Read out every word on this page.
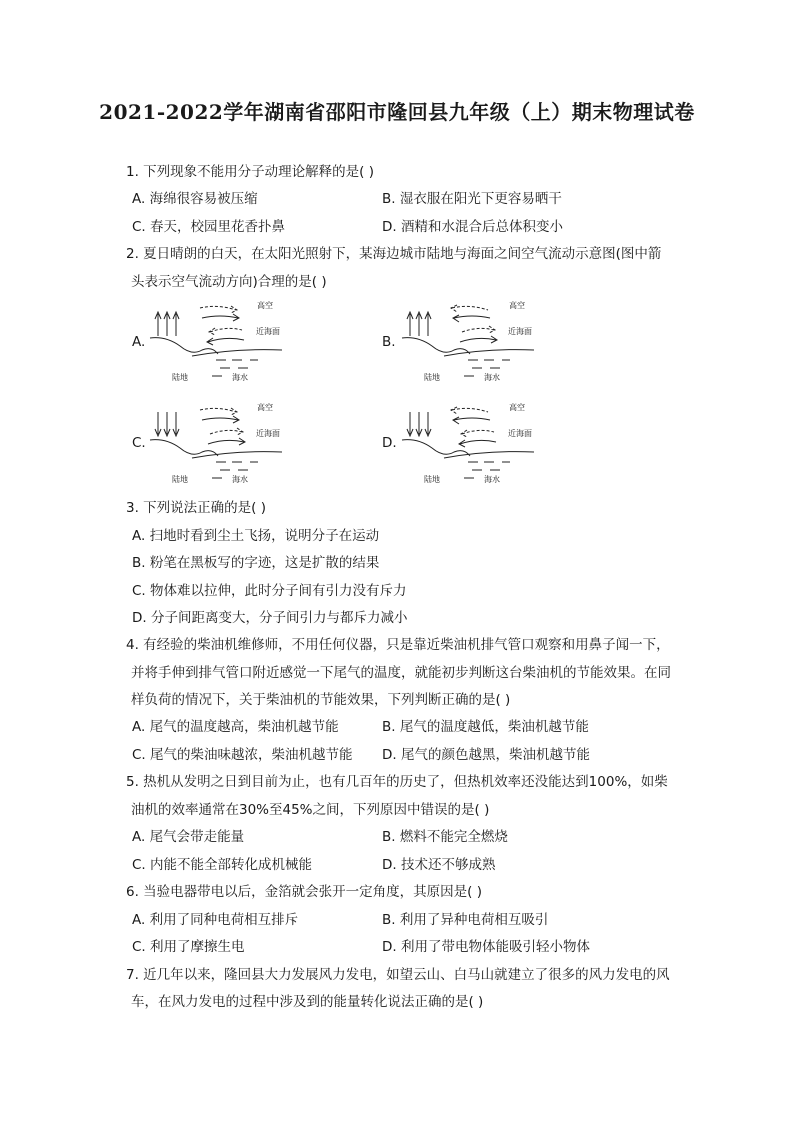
2021-2022学年湖南省邵阳市隆回县九年级（上）期末物理试卷
1. 下列现象不能用分子动理论解释的是( )
A. 海绵很容易被压缩	B. 湿衣服在阳光下更容易晒干
C. 春天，校园里花香扑鼻	D. 酒精和水混合后总体积变小
2. 夏日晴朗的白天，在太阳光照射下，某海边城市陆地与海面之间空气流动示意图(图中箭
头表示空气流动方向)合理的是( )
A.	B.
C.	D.
高空
近海面
陆地	海水
高空
近海面
陆地	海水
高空
近海面
陆地	海水
高空
近海面
陆地	海水
3. 下列说法正确的是( )
A. 扫地时看到尘土飞扬，说明分子在运动
B. 粉笔在黑板写的字迹，这是扩散的结果
C. 物体难以拉伸，此时分子间有引力没有斥力
D. 分子间距离变大，分子间引力与都斥力减小
4. 有经验的柴油机维修师，不用任何仪器，只是靠近柴油机排气管口观察和用鼻子闻一下，
并将手伸到排气管口附近感觉一下尾气的温度，就能初步判断这台柴油机的节能效果。在同
样负荷的情况下，关于柴油机的节能效果，下列判断正确的是( )
A. 尾气的温度越高，柴油机越节能	B. 尾气的温度越低，柴油机越节能
C. 尾气的柴油味越浓，柴油机越节能 D. 尾气的颜色越黑，柴油机越节能
5. 热机从发明之日到目前为止，也有几百年的历史了，但热机效率还没能达到100%，如柴
油机的效率通常在30%至45%之间，下列原因中错误的是( )
A. 尾气会带走能量	B. 燃料不能完全燃烧
C. 内能不能全部转化成机械能	D. 技术还不够成熟
6. 当验电器带电以后，金箔就会张开一定角度，其原因是( )
A. 利用了同种电荷相互排斥	B. 利用了异种电荷相互吸引
C. 利用了摩擦生电	D. 利用了带电物体能吸引轻小物体
7. 近几年以来，隆回县大力发展风力发电，如望云山、白马山就建立了很多的风力发电的风
车，在风力发电的过程中涉及到的能量转化说法正确的是( )
